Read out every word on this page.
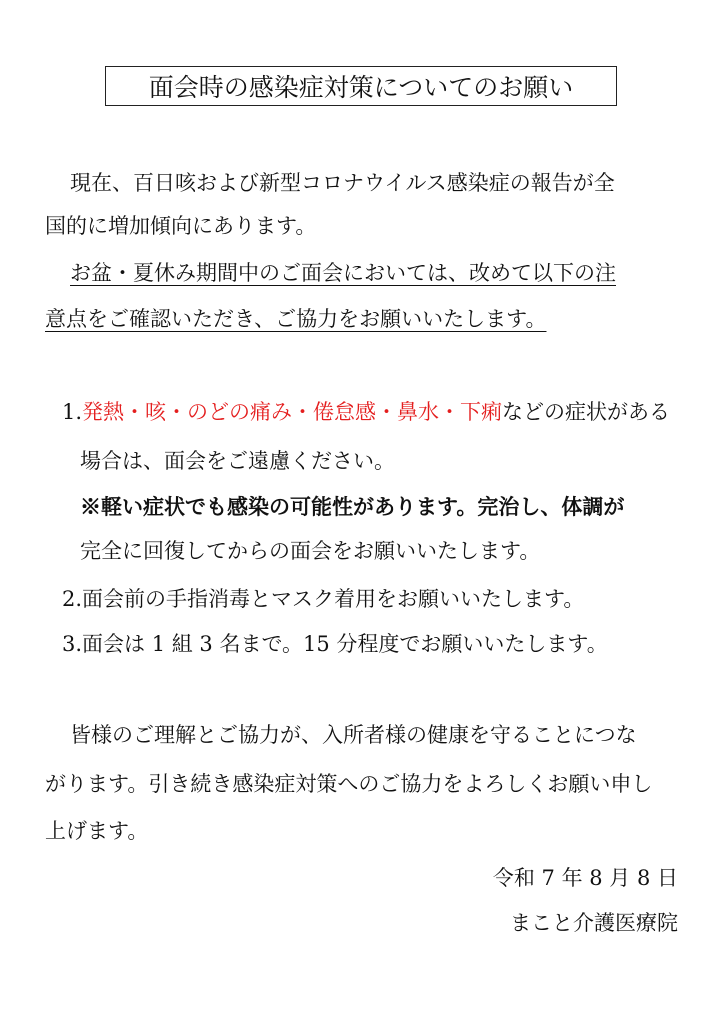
面会時の感染症対策についてのお願い
現在、百日咳および新型コロナウイルス感染症の報告が全
国的に増加傾向にあります。
お盆・夏休み期間中のご面会においては、改めて以下の注
意点をご確認いただき、ご協力をお願いいたします。
1.発熱・咳・のどの痛み・倦怠感・鼻水・下痢などの症状がある
場合は、面会をご遠慮ください。
※軽い症状でも感染の可能性があります。完治し、体調が
完全に回復してからの面会をお願いいたします。
2.面会前の手指消毒とマスク着用をお願いいたします。
3.面会は 1 組 3 名まで。15 分程度でお願いいたします。
皆様のご理解とご協力が、入所者様の健康を守ることにつな
がります。引き続き感染症対策へのご協力をよろしくお願い申し
上げます。
令和 7 年 8 月 8 日
まこと介護医療院
